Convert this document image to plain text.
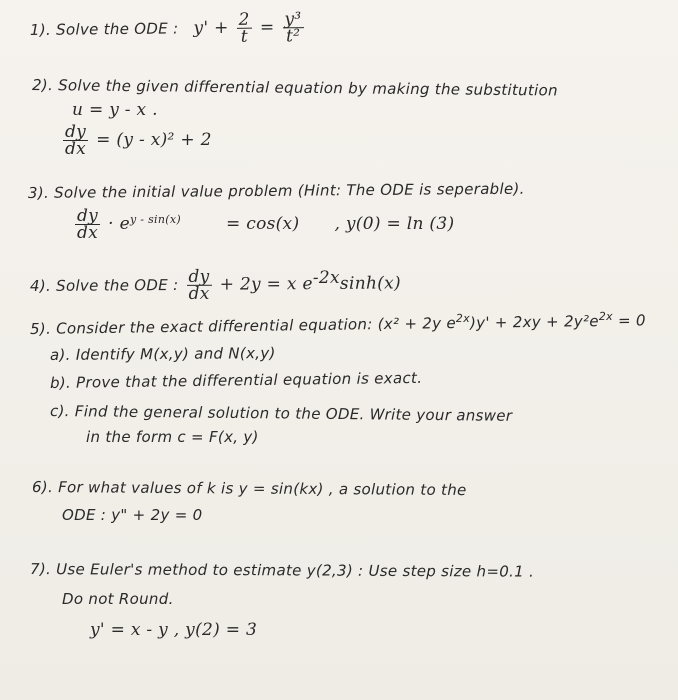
1). Solve the ODE : $y' + \frac{2}{t} = \frac{\text{y³}}{\text{t²}}$
2). Solve the given differential equation by making the substitution
u = y - x .
$\frac{dy}{dx} = (y - x)^2 + 2$
3). Solve the initial value problem (Hint: The ODE is seperable).
$\frac{dy}{dx} \cdot e^{y - sin(x)}$	= cos(x) , y(0) = ln (3)
4). Solve the ODE : $\frac{dy}{dx} + 2y = x$ $e^{-2x}\sinh(x)$
5). Consider the exact differential equation: (x² + 2y $e^{2x})y' + 2xy + 2y^2e^{2x} = 0$
a). Identify M(x,y) and N(x,y)
b). Prove that the differential equation is exact.
c). Find the general solution to the ODE. Write your answer
in the form c = F(x, y)
6). For what values of k is y = sin(kx) , a solution to the
ODE : y" + 2y = 0
7). Use Euler's method to estimate y(2,3) : Use step size h=0.1 .
Do not Round.
y' = x - y , y(2) = 3
